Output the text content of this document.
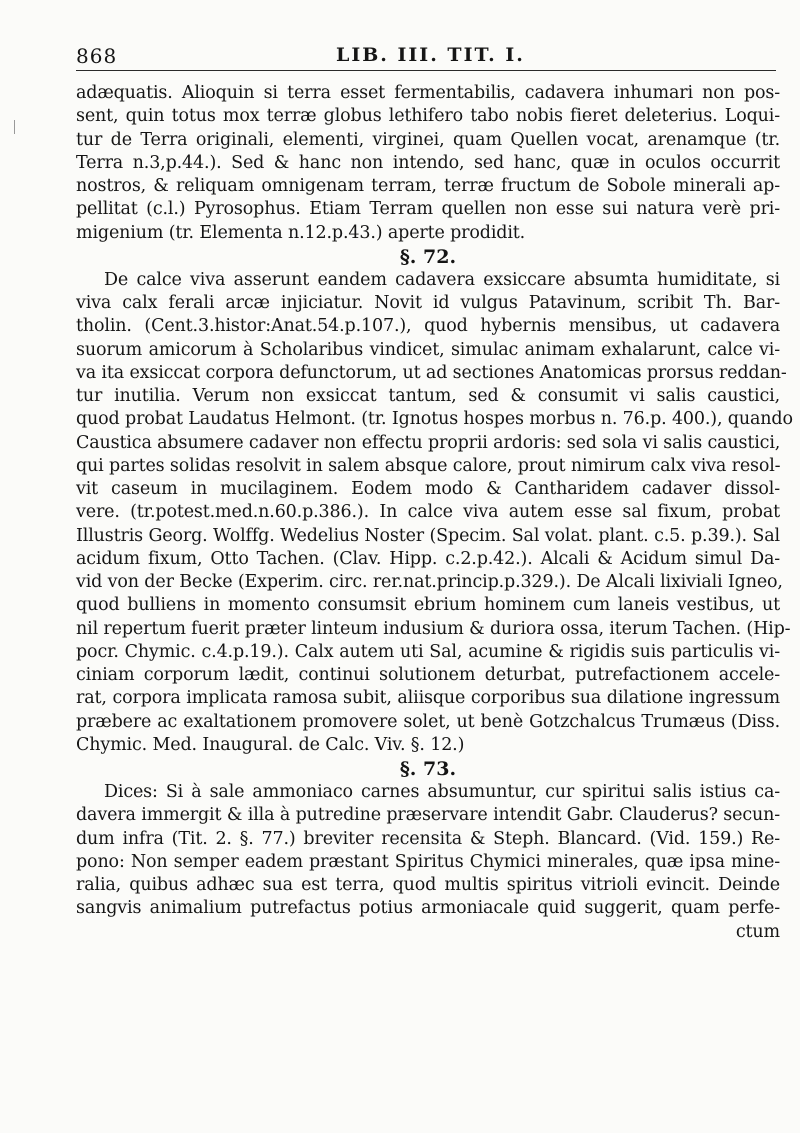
868	LIB. III. TIT. I.
adæquatis. Alioquin si terra esset fermentabilis, cadavera inhumari non pos-
sent, quin totus mox terræ globus lethifero tabo nobis fieret deleterius. Loqui-
tur de Terra originali, elementi, virginei, quam Quellen vocat, arenamque (tr.
Terra n.3,p.44.). Sed & hanc non intendo, sed hanc, quæ in oculos occurrit
nostros, & reliquam omnigenam terram, terræ fructum de Sobole minerali ap-
pellitat (c.l.) Pyrosophus. Etiam Terram quellen non esse sui natura verè pri-
migenium (tr. Elementa n.12.p.43.) aperte prodidit.
§. 72.
De calce viva asserunt eandem cadavera exsiccare absumta humiditate, si
viva calx ferali arcæ injiciatur. Novit id vulgus Patavinum, scribit Th. Bar-
tholin. (Cent.3.histor:Anat.54.p.107.), quod hybernis mensibus, ut cadavera
suorum amicorum à Scholaribus vindicet, simulac animam exhalarunt, calce vi-
va ita exsiccat corpora defunctorum, ut ad sectiones Anatomicas prorsus reddan-
tur inutilia. Verum non exsiccat tantum, sed & consumit vi salis caustici,
quod probat Laudatus Helmont. (tr. Ignotus hospes morbus n. 76.p. 400.), quando
Caustica absumere cadaver non effectu proprii ardoris: sed sola vi salis caustici,
qui partes solidas resolvit in salem absque calore, prout nimirum calx viva resol-
vit caseum in mucilaginem. Eodem modo & Cantharidem cadaver dissol-
vere. (tr.potest.med.n.60.p.386.). In calce viva autem esse sal fixum, probat
Illustris Georg. Wolffg. Wedelius Noster (Specim. Sal volat. plant. c.5. p.39.). Sal
acidum fixum, Otto Tachen. (Clav. Hipp. c.2.p.42.). Alcali & Acidum simul Da-
vid von der Becke (Experim. circ. rer.nat.princip.p.329.). De Alcali lixiviali Igneo,
quod bulliens in momento consumsit ebrium hominem cum laneis vestibus, ut
nil repertum fuerit præter linteum indusium & duriora ossa, iterum Tachen. (Hip-
pocr. Chymic. c.4.p.19.). Calx autem uti Sal, acumine & rigidis suis particulis vi-
ciniam corporum lædit, continui solutionem deturbat, putrefactionem accele-
rat, corpora implicata ramosa subit, aliisque corporibus sua dilatione ingressum
præbere ac exaltationem promovere solet, ut benè Gotzchalcus Trumæus (Diss.
Chymic. Med. Inaugural. de Calc. Viv. §. 12.)
§. 73.
Dices: Si à sale ammoniaco carnes absumuntur, cur spiritui salis istius ca-
davera immergit & illa à putredine præservare intendit Gabr. Clauderus? secun-
dum infra (Tit. 2. §. 77.) breviter recensita & Steph. Blancard. (Vid. 159.) Re-
pono: Non semper eadem præstant Spiritus Chymici minerales, quæ ipsa mine-
ralia, quibus adhæc sua est terra, quod multis spiritus vitrioli evincit. Deinde
sangvis animalium putrefactus potius armoniacale quid suggerit, quam perfe-
ctum
